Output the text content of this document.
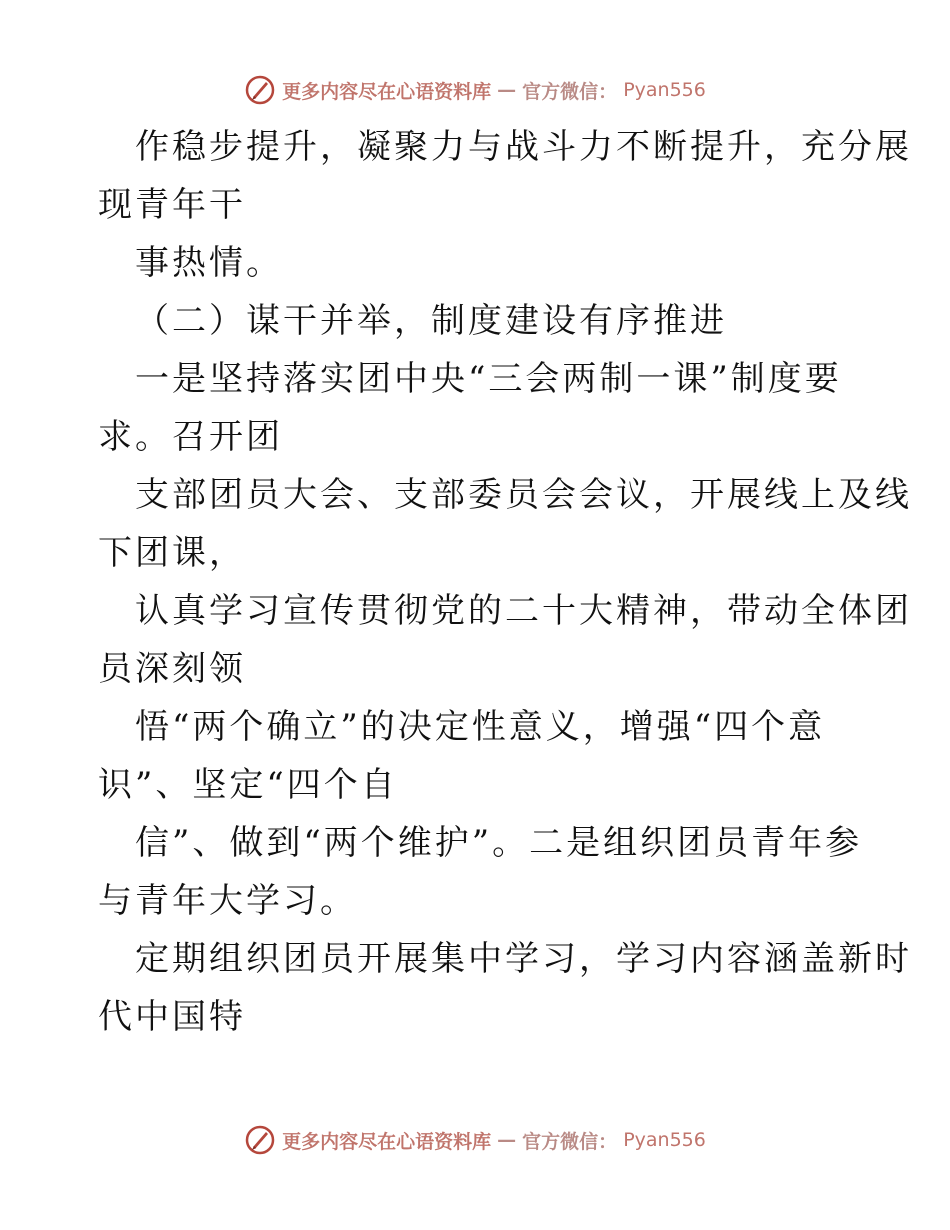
更多内容尽在心语资料库 — 官方微信： Pyan556
作稳步提升，凝聚力与战斗力不断提升，充分展
现青年干
事热情。
（二）谋干并举，制度建设有序推进
一是坚持落实团中央“三会两制一课”制度要
求。召开团
支部团员大会、支部委员会会议，开展线上及线
下团课，
认真学习宣传贯彻党的二十大精神，带动全体团
员深刻领
悟“两个确立”的决定性意义，增强“四个意
识”、坚定“四个自
信”、做到“两个维护”。二是组织团员青年参
与青年大学习。
定期组织团员开展集中学习，学习内容涵盖新时
代中国特
更多内容尽在心语资料库 — 官方微信： Pyan556
